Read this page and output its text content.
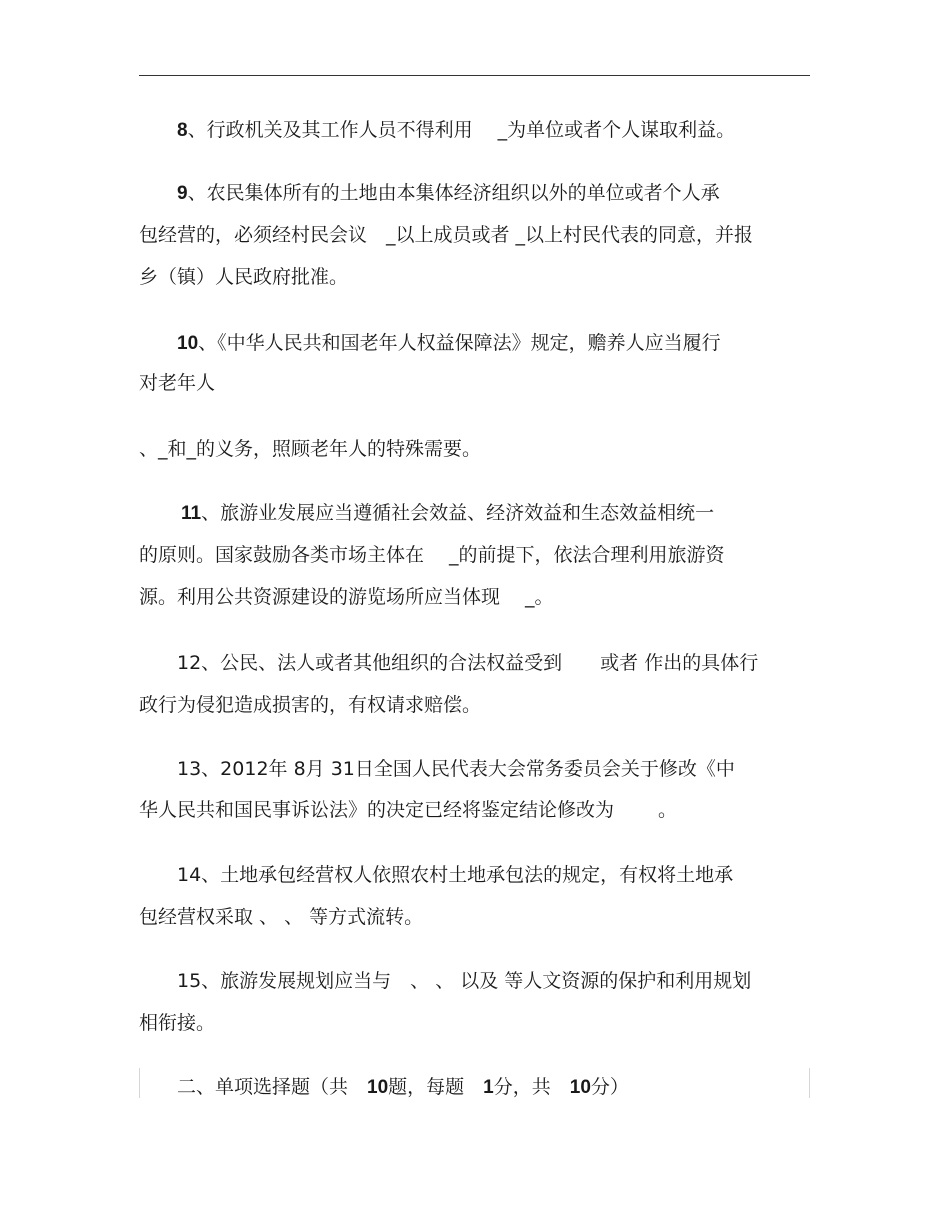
8、行政机关及其工作人员不得利用　 _为单位或者个人谋取利益。
9、农民集体所有的土地由本集体经济组织以外的单位或者个人承
包经营的，必须经村民会议　_以上成员或者 _以上村民代表的同意，并报
乡（镇）人民政府批准。
10、《中华人民共和国老年人权益保障法》规定，赡养人应当履行
对老年人
、_和_的义务，照顾老年人的特殊需要。
11、旅游业发展应当遵循社会效益、经济效益和生态效益相统一
的原则。国家鼓励各类市场主体在　 _的前提下，依法合理利用旅游资
源。利用公共资源建设的游览场所应当体现　 _。
12、公民、法人或者其他组织的合法权益受到　　或者 作出的具体行
政行为侵犯造成损害的，有权请求赔偿。
13、2012年 8月 31日全国人民代表大会常务委员会关于修改《中
华人民共和国民事诉讼法》的决定已经将鉴定结论修改为　　 。
14、土地承包经营权人依照农村土地承包法的规定，有权将土地承
包经营权采取 、 、 等方式流转。
15、旅游发展规划应当与　、 、 以及 等人文资源的保护和利用规划
相衔接。
二、单项选择题（共　10题，每题　1分，共　10分）
